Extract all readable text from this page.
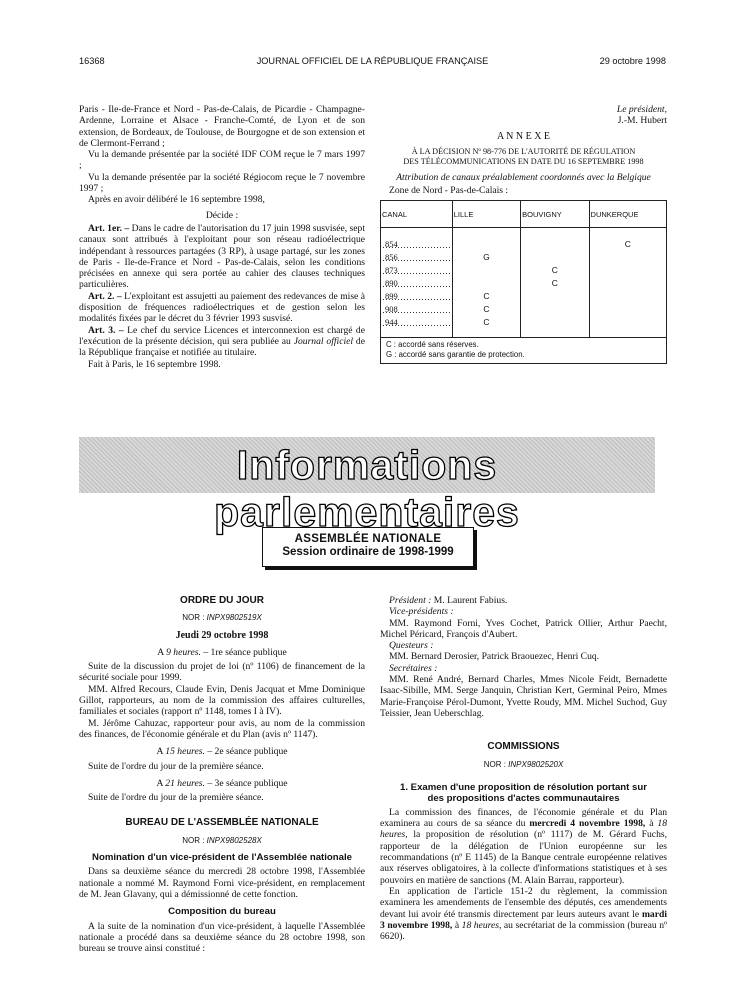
16368	JOURNAL OFFICIEL DE LA RÉPUBLIQUE FRANÇAISE	29 octobre 1998

Paris - Ile-de-France et Nord - Pas-de-Calais, de Picardie - Champagne-Ardenne, Lorraine et Alsace - Franche-Comté, de Lyon et de son extension, de Bordeaux, de Toulouse, de Bourgogne et de son extension et de Clermont-Ferrand ;

Vu la demande présentée par la société IDF COM reçue le 7 mars 1997 ;

Vu la demande présentée par la société Régiocom reçue le 7 novembre 1997 ;

Après en avoir délibéré le 16 septembre 1998,

Décide :

Art. 1er. – Dans le cadre de l'autorisation du 17 juin 1998 susvisée, sept canaux sont attribués à l'exploitant pour son réseau radioélectrique indépendant à ressources partagées (3 RP), à usage partagé, sur les zones de Paris - Ile-de-France et Nord - Pas-de-Calais, selon les conditions précisées en annexe qui sera portée au cahier des clauses techniques particulières.

Art. 2. – L'exploitant est assujetti au paiement des redevances de mise à disposition de fréquences radioélectriques et de gestion selon les modalités fixées par le décret du 3 février 1993 susvisé.

Art. 3. – Le chef du service Licences et interconnexion est chargé de l'exécution de la présente décision, qui sera publiée au Journal officiel de la République française et notifiée au titulaire.

Fait à Paris, le 16 septembre 1998.

Le président,

J.-M. Hubert

A N N E X E

À LA DÉCISION Nº 98-776 DE L'AUTORITÉ DE RÉGULATION

DES TÉLÉCOMMUNICATIONS EN DATE DU 16 SEPTEMBRE 1998

Attribution de canaux préalablement coordonnés avec la Belgique

Zone de Nord - Pas-de-Calais :

CANAL	LILLE	BOUVIGNY	DUNKERQUE

854			C
856	G		
873		C	
890		C	
899	C		
908	C		
944	C		

C : accordé sans réserves.

G : accordé sans garantie de protection.

Informations parlementaires
ASSEMBLÉE NATIONALE
Session ordinaire de 1998-1999

ORDRE DU JOUR

NOR : INPX9802519X

Jeudi 29 octobre 1998

A 9 heures. – 1re séance publique

Suite de la discussion du projet de loi (nº 1106) de financement de la sécurité sociale pour 1999.

MM. Alfred Recours, Claude Evin, Denis Jacquat et Mme Dominique Gillot, rapporteurs, au nom de la commission des affaires culturelles, familiales et sociales (rapport nº 1148, tomes I à IV).

M. Jérôme Cahuzac, rapporteur pour avis, au nom de la commission des finances, de l'économie générale et du Plan (avis nº 1147).

A 15 heures. – 2e séance publique

Suite de l'ordre du jour de la première séance.

A 21 heures. – 3e séance publique

Suite de l'ordre du jour de la première séance.

BUREAU DE L'ASSEMBLÉE NATIONALE

NOR : INPX9802528X

Nomination d'un vice-président de l'Assemblée nationale

Dans sa deuxième séance du mercredi 28 octobre 1998, l'Assemblée nationale a nommé M. Raymond Forni vice-président, en remplacement de M. Jean Glavany, qui a démissionné de cette fonction.

Composition du bureau

A la suite de la nomination d'un vice-président, à laquelle l'Assemblée nationale a procédé dans sa deuxième séance du 28 octobre 1998, son bureau se trouve ainsi constitué :

Président : M. Laurent Fabius.

Vice-présidents :

MM. Raymond Forni, Yves Cochet, Patrick Ollier, Arthur Paecht, Michel Péricard, François d'Aubert.

Questeurs :

MM. Bernard Derosier, Patrick Braouezec, Henri Cuq.

Secrétaires :

MM. René André, Bernard Charles, Mmes Nicole Feidt, Bernadette Isaac-Sibille, MM. Serge Janquin, Christian Kert, Germinal Peiro, Mmes Marie-Françoise Pérol-Dumont, Yvette Roudy, MM. Michel Suchod, Guy Teissier, Jean Ueberschlag.

COMMISSIONS

NOR : INPX9802520X

1. Examen d'une proposition de résolution portant sur des propositions d'actes communautaires

La commission des finances, de l'économie générale et du Plan examinera au cours de sa séance du mercredi 4 novembre 1998, à 18 heures, la proposition de résolution (nº 1117) de M. Gérard Fuchs, rapporteur de la délégation de l'Union européenne sur les recommandations (nº E 1145) de la Banque centrale européenne relatives aux réserves obligatoires, à la collecte d'informations statistiques et à ses pouvoirs en matière de sanctions (M. Alain Barrau, rapporteur).

En application de l'article 151-2 du règlement, la commission examinera les amendements de l'ensemble des députés, ces amendements devant lui avoir été transmis directement par leurs auteurs avant le mardi 3 novembre 1998, à 18 heures, au secrétariat de la commission (bureau nº 6620).
